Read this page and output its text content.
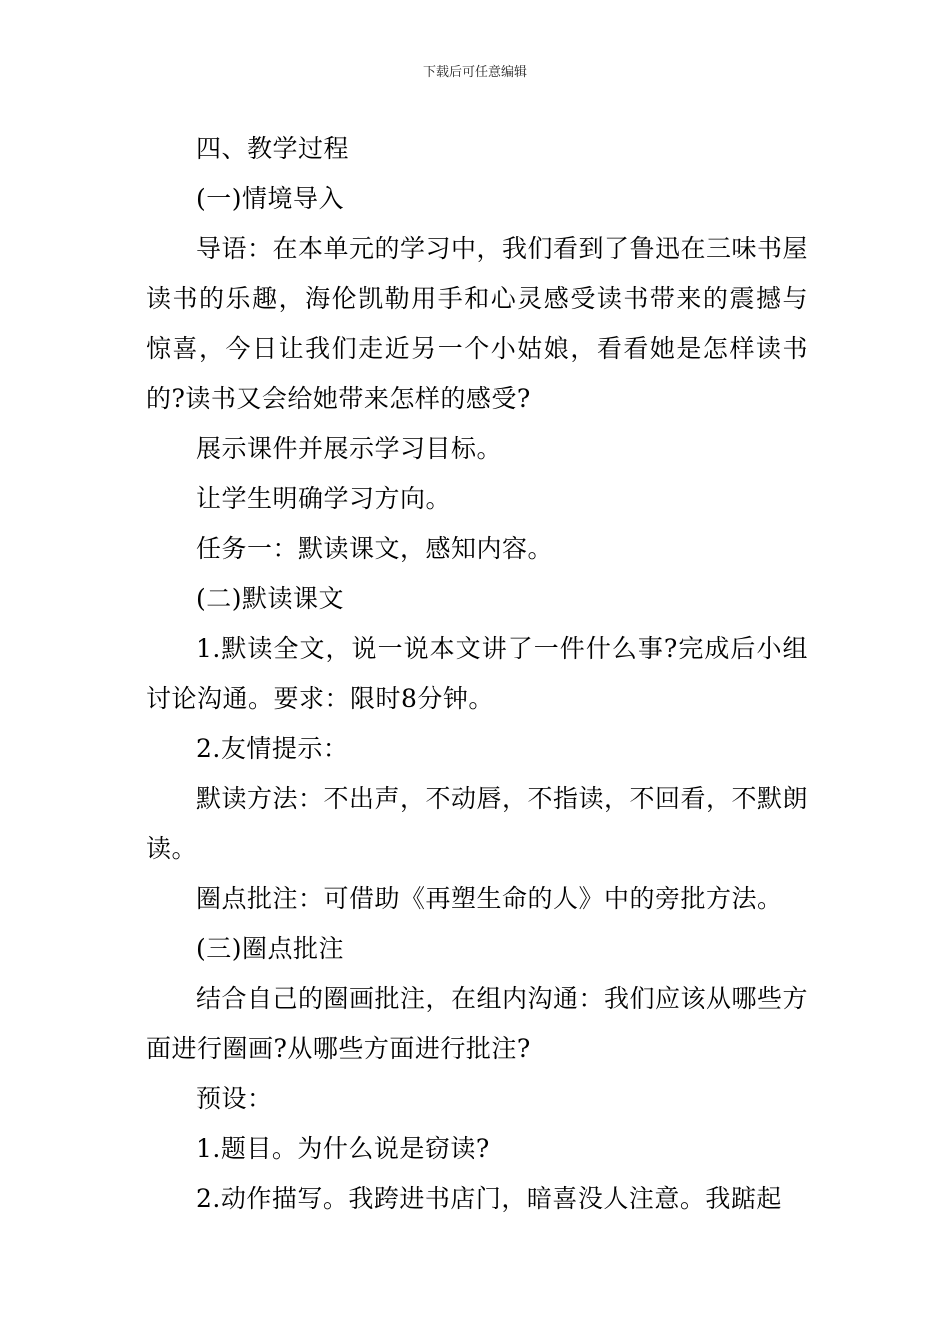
下载后可任意编辑

四、教学过程

(一)情境导入

导语：在本单元的学习中，我们看到了鲁迅在三味书屋读书的乐趣，海伦凯勒用手和心灵感受读书带来的震撼与惊喜，今日让我们走近另一个小姑娘，看看她是怎样读书的?读书又会给她带来怎样的感受?

展示课件并展示学习目标。

让学生明确学习方向。

任务一：默读课文，感知内容。

(二)默读课文

1.默读全文，说一说本文讲了一件什么事?完成后小组讨论沟通。要求：限时8分钟。

2.友情提示：

默读方法：不出声，不动唇，不指读，不回看，不默朗读。

圈点批注：可借助《再塑生命的人》中的旁批方法。

(三)圈点批注

结合自己的圈画批注，在组内沟通：我们应该从哪些方面进行圈画?从哪些方面进行批注?

预设：

1.题目。为什么说是窃读?

2.动作描写。我跨进书店门，暗喜没人注意。我踮起
